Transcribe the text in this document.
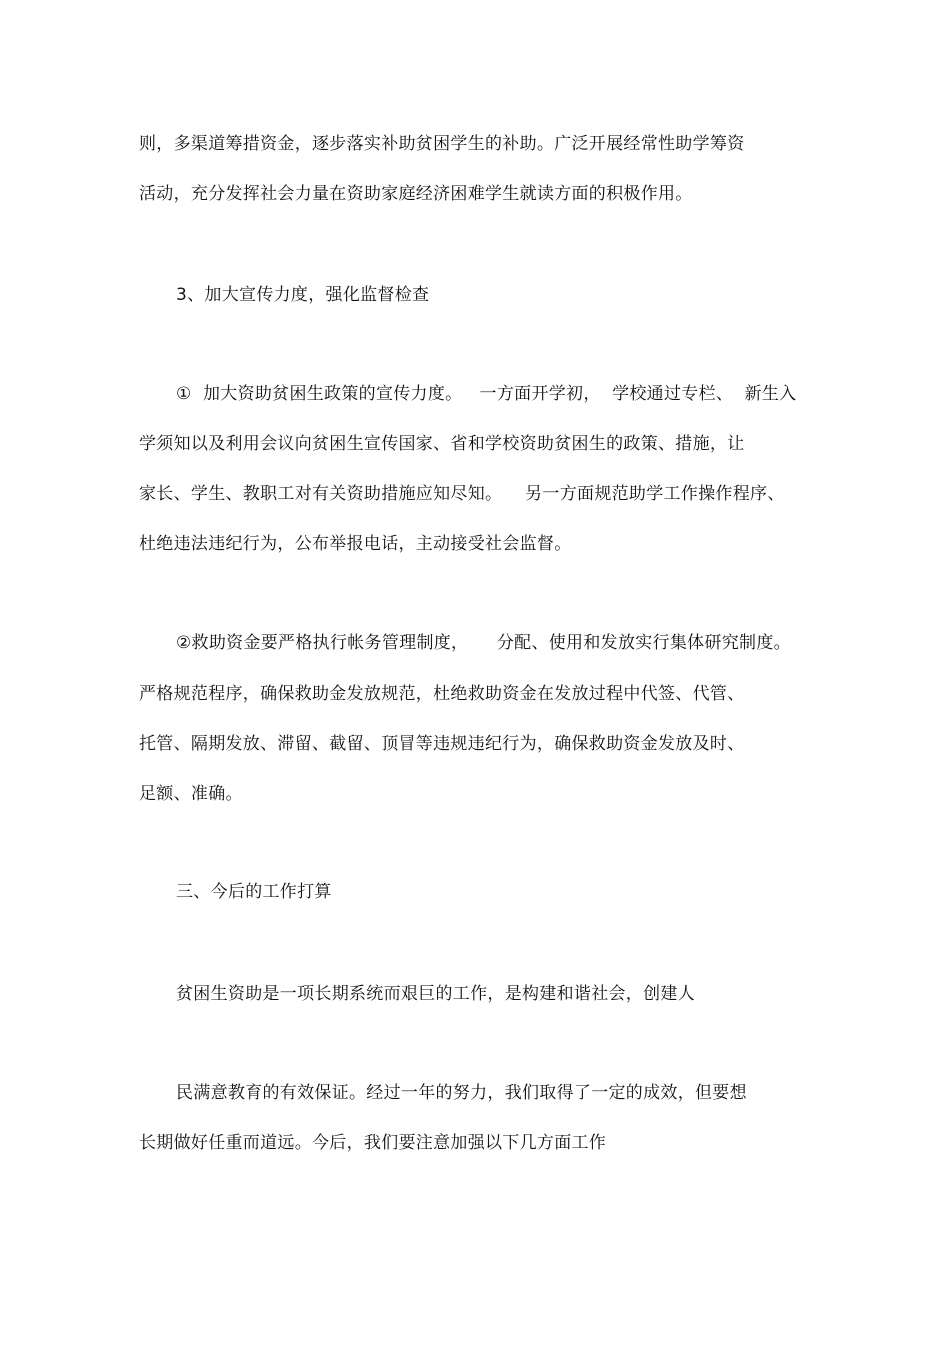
则，多渠道筹措资金，逐步落实补助贫困学生的补助。广泛开展经常性助学筹资
活动，充分发挥社会力量在资助家庭经济困难学生就读方面的积极作用。
3、加大宣传力度，强化监督检查
①  加大资助贫困生政策的宣传力度。   一方面开学初，  学校通过专栏、  新生入
学须知以及利用会议向贫困生宣传国家、省和学校资助贫困生的政策、措施，让
家长、学生、教职工对有关资助措施应知尽知。    另一方面规范助学工作操作程序、
杜绝违法违纪行为，公布举报电话，主动接受社会监督。
②救助资金要严格执行帐务管理制度，     分配、使用和发放实行集体研究制度。
严格规范程序，确保救助金发放规范，杜绝救助资金在发放过程中代签、代管、
托管、隔期发放、滞留、截留、顶冒等违规违纪行为，确保救助资金发放及时、
足额、准确。
三、今后的工作打算
贫困生资助是一项长期系统而艰巨的工作，是构建和谐社会，创建人
民满意教育的有效保证。经过一年的努力，我们取得了一定的成效，但要想
长期做好任重而道远。今后，我们要注意加强以下几方面工作
